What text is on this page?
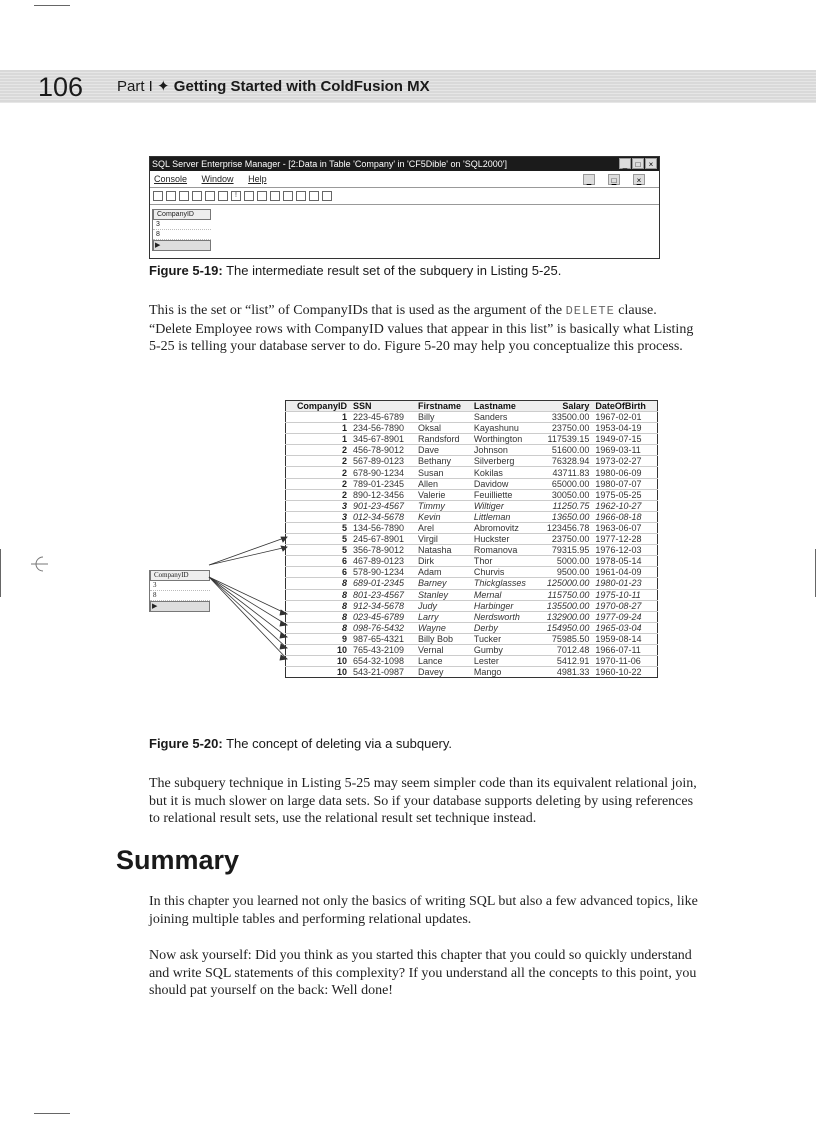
106 Part I ✦ Getting Started with ColdFusion MX
SQL Server Enterprise Manager - [2:Data in Table 'Company' in 'CF5Dible' on 'SQL2000']	_	□	×
Console Window Help	_	□	×
!
CompanyID
3
8
▶
Figure 5-19: The intermediate result set of the subquery in Listing 5-25.
This is the set or “list” of CompanyIDs that is used as the argument of the DELETE clause. “Delete Employee rows with CompanyID values that appear in this list” is basically what Listing 5-25 is telling your database server to do. Figure 5-20 may help you conceptualize this process.
CompanyID
3
8
▶
CompanyID	SSN	Firstname	Lastname	Salary	DateOfBirth
1	223-45-6789	Billy	Sanders	33500.00	1967-02-01
1	234-56-7890	Oksal	Kayashunu	23750.00	1953-04-19
1	345-67-8901	Randsford	Worthington	117539.15	1949-07-15
2	456-78-9012	Dave	Johnson	51600.00	1969-03-11
2	567-89-0123	Bethany	Silverberg	76328.94	1973-02-27
2	678-90-1234	Susan	Kokilas	43711.83	1980-06-09
2	789-01-2345	Allen	Davidow	65000.00	1980-07-07
2	890-12-3456	Valerie	Feuilliette	30050.00	1975-05-25
3	901-23-4567	Timmy	Wiltiger	11250.75	1962-10-27
3	012-34-5678	Kevin	Littleman	13650.00	1966-08-18
5	134-56-7890	Arel	Abromovitz	123456.78	1963-06-07
5	245-67-8901	Virgil	Huckster	23750.00	1977-12-28
5	356-78-9012	Natasha	Romanova	79315.95	1976-12-03
6	467-89-0123	Dirk	Thor	5000.00	1978-05-14
6	578-90-1234	Adam	Churvis	9500.00	1961-04-09
8	689-01-2345	Barney	Thickglasses	125000.00	1980-01-23
8	801-23-4567	Stanley	Mernal	115750.00	1975-10-11
8	912-34-5678	Judy	Harbinger	135500.00	1970-08-27
8	023-45-6789	Larry	Nerdsworth	132900.00	1977-09-24
8	098-76-5432	Wayne	Derby	154950.00	1965-03-04
9	987-65-4321	Billy Bob	Tucker	75985.50	1959-08-14
10	765-43-2109	Vernal	Gumby	7012.48	1966-07-11
10	654-32-1098	Lance	Lester	5412.91	1970-11-06
10	543-21-0987	Davey	Mango	4981.33	1960-10-22
Figure 5-20: The concept of deleting via a subquery.
The subquery technique in Listing 5-25 may seem simpler code than its equivalent relational join, but it is much slower on large data sets. So if your database supports deleting by using references to relational result sets, use the relational result set technique instead.
Summary
In this chapter you learned not only the basics of writing SQL but also a few advanced topics, like joining multiple tables and performing relational updates.
Now ask yourself: Did you think as you started this chapter that you could so quickly understand and write SQL statements of this complexity? If you understand all the concepts to this point, you should pat yourself on the back: Well done!
